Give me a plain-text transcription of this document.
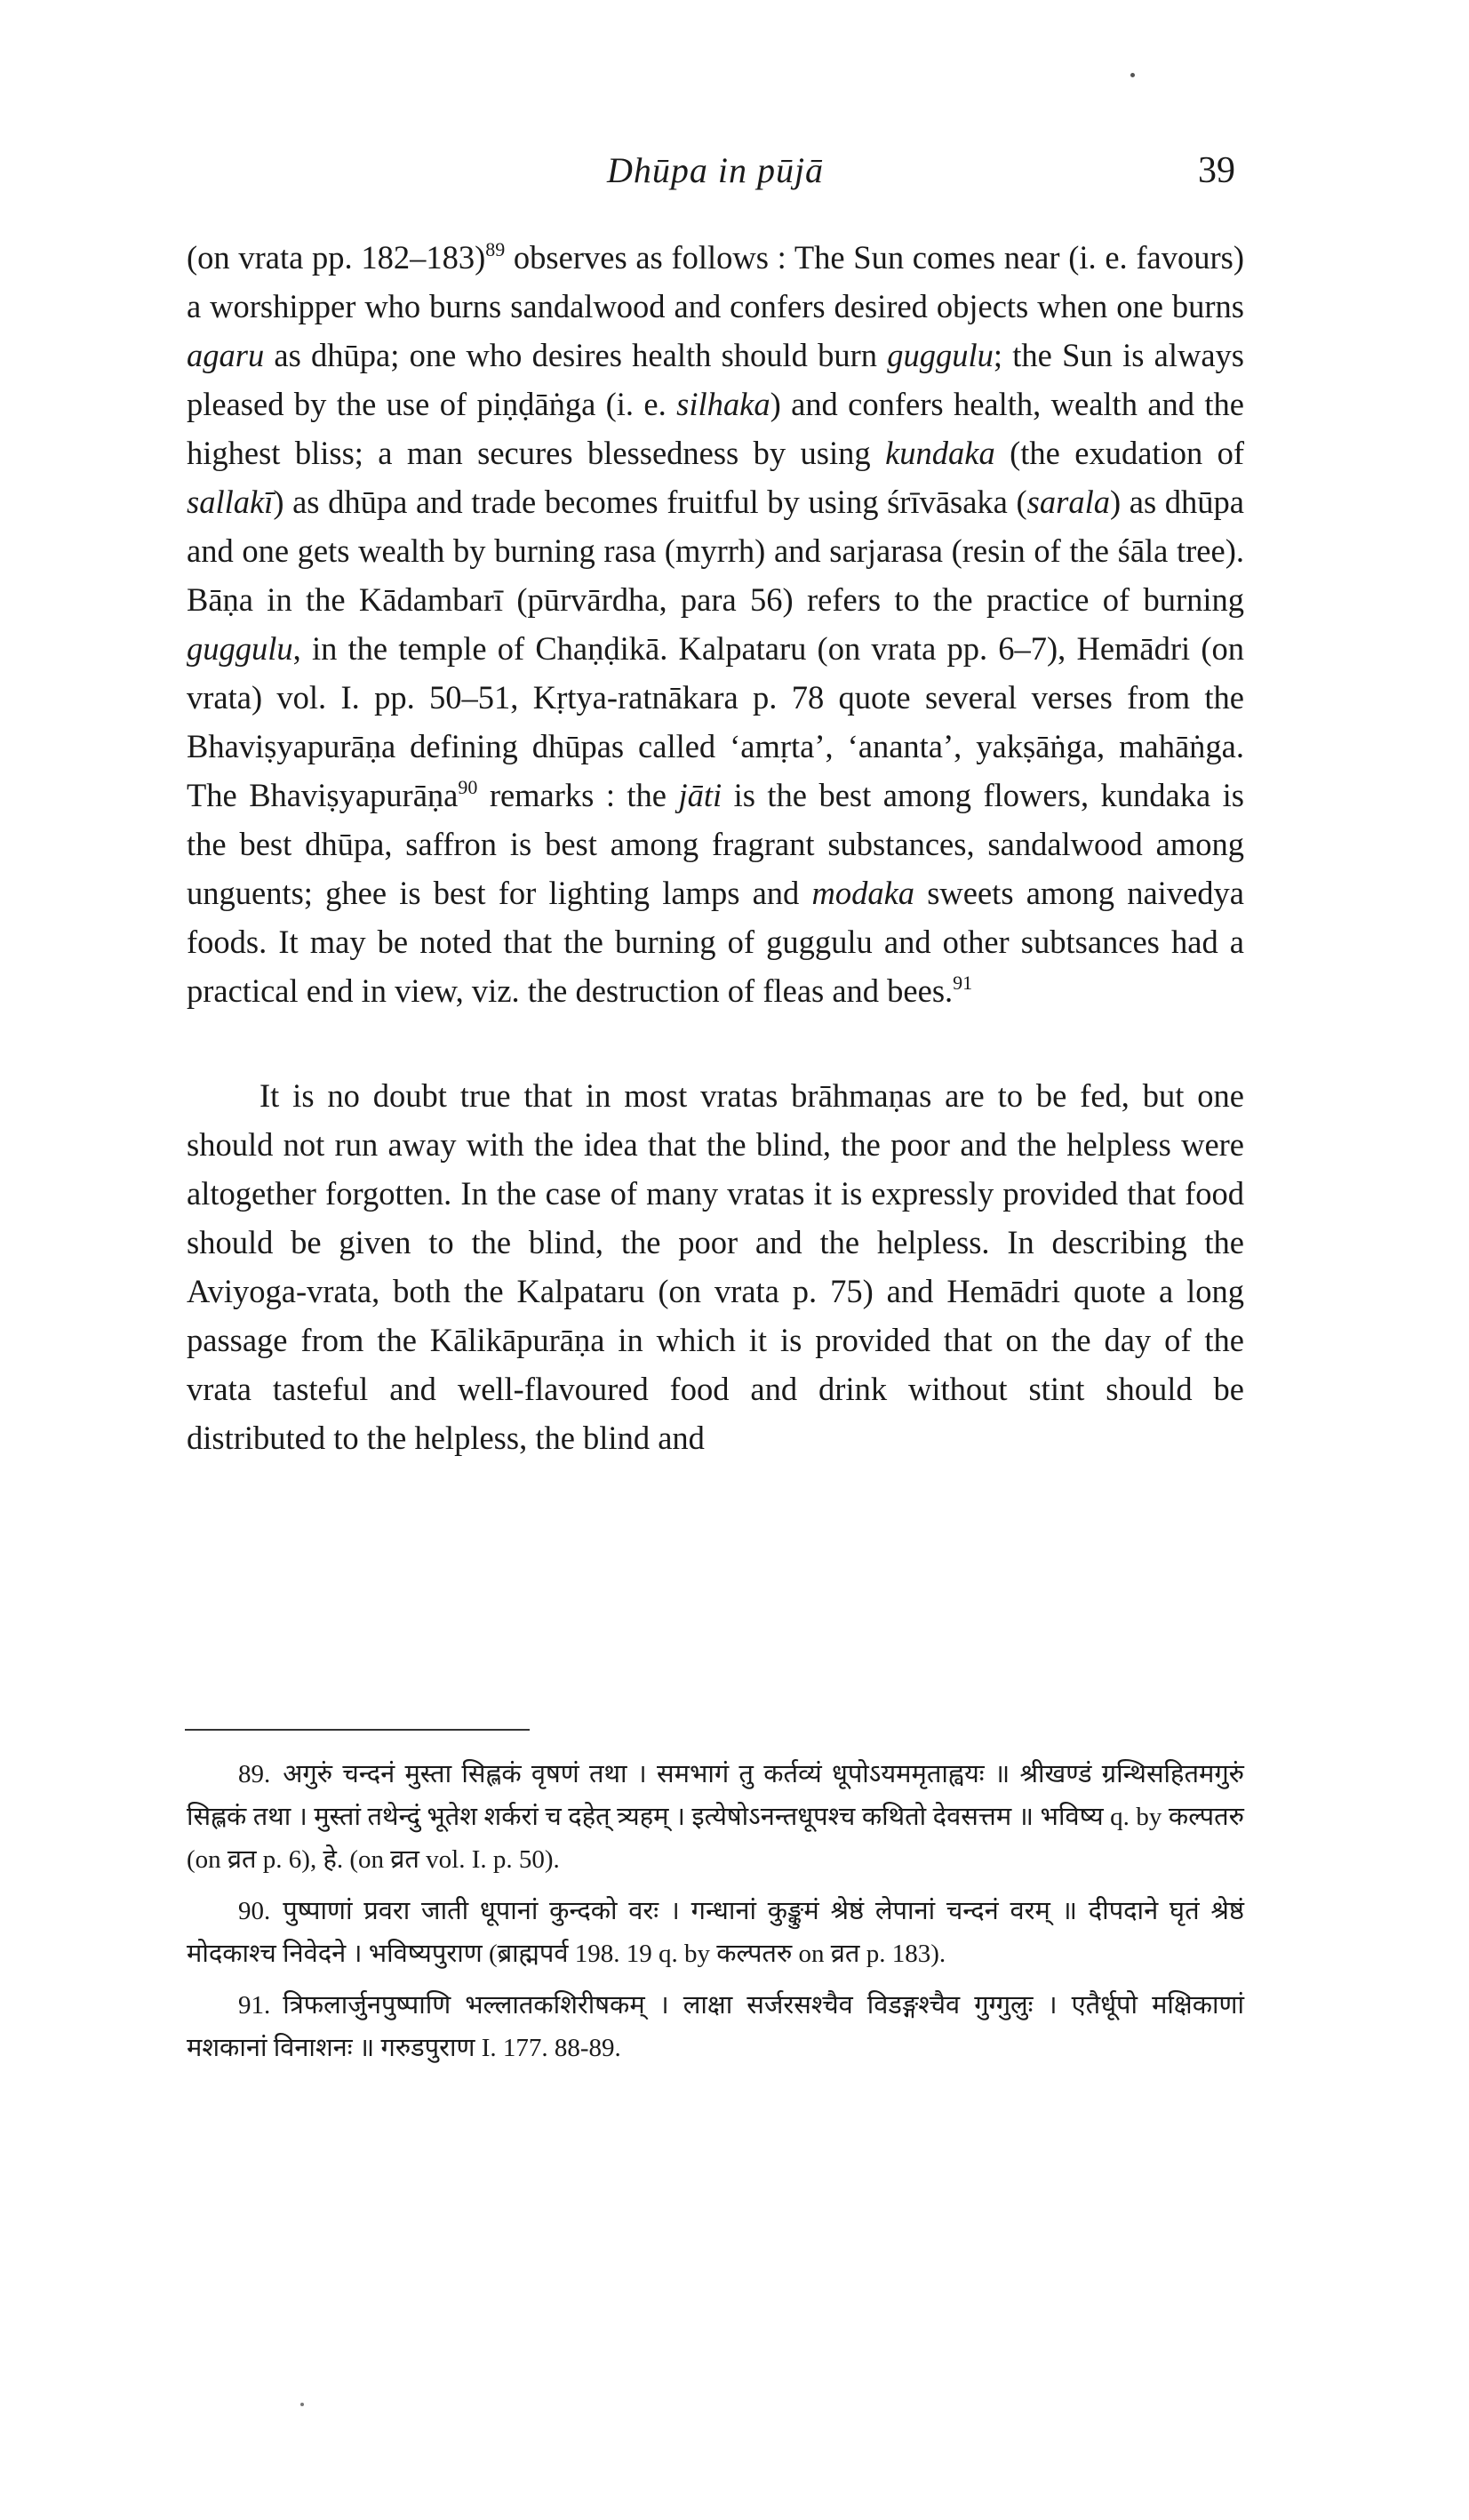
Dhūpa in pūjā	39

(on vrata pp. 182–183)$^{89}$ observes as follows : The Sun comes near (i. e. favours) a worshipper who burns sandalwood and confers desired objects when one burns agaru as dhūpa; one who desires health should burn guggulu; the Sun is always pleased by the use of piṇḍāṅga (i. e. silhaka) and confers health, wealth and the highest bliss; a man secures blessedness by using kundaka (the exudation of sallakī) as dhūpa and trade becomes fruitful by using śrīvāsaka (sarala) as dhūpa and one gets wealth by burning rasa (myrrh) and sarjarasa (resin of the śāla tree). Bāṇa in the Kādambarī (pūrvārdha, para 56) refers to the practice of burning guggulu, in the temple of Chaṇḍikā. Kalpataru (on vrata pp. 6–7), Hemādri (on vrata) vol. I. pp. 50–51, Kṛtya-ratnākara p. 78 quote several verses from the Bhaviṣyapurāṇa defining dhūpas called ‘amṛta’, ‘ananta’, yakṣāṅga, mahāṅga. The Bhaviṣyapurāṇa$^{90}$ remarks : the jāti is the best among flowers, kundaka is the best dhūpa, saffron is best among fragrant substances, sandalwood among unguents; ghee is best for lighting lamps and modaka sweets among naivedya foods. It may be noted that the burning of guggulu and other subtsances had a practical end in view, viz. the destruction of fleas and bees.$^{91}$

It is no doubt true that in most vratas brāhmaṇas are to be fed, but one should not run away with the idea that the blind, the poor and the helpless were altogether forgotten. In the case of many vratas it is expressly provided that food should be given to the blind, the poor and the helpless. In describing the Aviyoga-vrata, both the Kalpataru (on vrata p. 75) and Hemādri quote a long passage from the Kālikāpurāṇa in which it is provided that on the day of the vrata tasteful and well-flavoured food and drink without stint should be distributed to the helpless, the blind and

89. अगुरुं चन्दनं मुस्ता सिह्लकं वृषणं तथा । समभागं तु कर्तव्यं धूपोऽयममृताह्वयः ॥ श्रीखण्डं ग्रन्थिसहितमगुरुं सिह्लकं तथा । मुस्तां तथेन्दुं भूतेश शर्करां च दहेत् त्र्यहम् । इत्येषोऽनन्तधूपश्च कथितो देवसत्तम ॥ भविष्य q. by कल्पतरु (on व्रत p. 6), हे. (on व्रत vol. I. p. 50).

90. पुष्पाणां प्रवरा जाती धूपानां कुन्दको वरः । गन्धानां कुङ्कुमं श्रेष्ठं लेपानां चन्दनं वरम् ॥ दीपदाने घृतं श्रेष्ठं मोदकाश्च निवेदने । भविष्यपुराण (ब्राह्मपर्व 198. 19 q. by कल्पतरु on व्रत p. 183).

91. त्रिफलार्जुनपुष्पाणि भल्लातकशिरीषकम् । लाक्षा सर्जरसश्चैव विडङ्गश्चैव गुग्गुलुः । एतैर्धूपो मक्षिकाणां मशकानां विनाशनः ॥ गरुडपुराण I. 177. 88-89.
